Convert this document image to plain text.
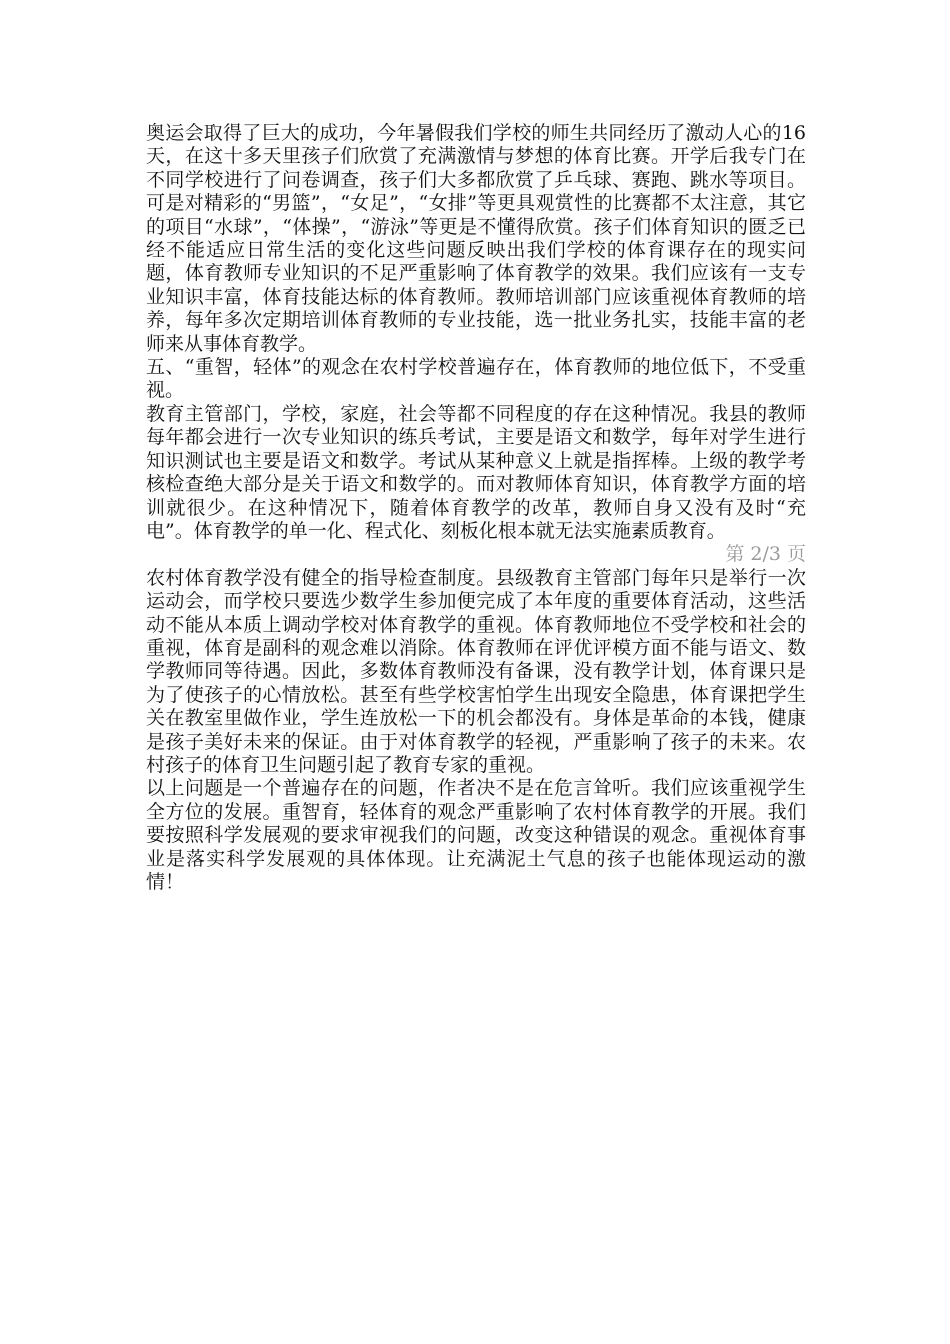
奥运会取得了巨大的成功，今年暑假我们学校的师生共同经历了激动人心的16天，在这十多天里孩子们欣赏了充满激情与梦想的体育比赛。开学后我专门在不同学校进行了问卷调查，孩子们大多都欣赏了乒乓球、赛跑、跳水等项目。可是对精彩的“男篮”，“女足”，“女排”等更具观赏性的比赛都不太注意，其它的项目“水球”，“体操”，“游泳”等更是不懂得欣赏。孩子们体育知识的匮乏已经不能适应日常生活的变化这些问题反映出我们学校的体育课存在的现实问题，体育教师专业知识的不足严重影响了体育教学的效果。我们应该有一支专业知识丰富，体育技能达标的体育教师。教师培训部门应该重视体育教师的培养，每年多次定期培训体育教师的专业技能，选一批业务扎实，技能丰富的老师来从事体育教学。

五、“重智，轻体”的观念在农村学校普遍存在，体育教师的地位低下，不受重视。

教育主管部门，学校，家庭，社会等都不同程度的存在这种情况。我县的教师每年都会进行一次专业知识的练兵考试，主要是语文和数学，每年对学生进行知识测试也主要是语文和数学。考试从某种意义上就是指挥棒。上级的教学考核检查绝大部分是关于语文和数学的。而对教师体育知识，体育教学方面的培训就很少。在这种情况下，随着体育教学的改革，教师自身又没有及时“充电”。体育教学的单一化、程式化、刻板化根本就无法实施素质教育。

第 2/3 页

农村体育教学没有健全的指导检查制度。县级教育主管部门每年只是举行一次运动会，而学校只要选少数学生参加便完成了本年度的重要体育活动，这些活动不能从本质上调动学校对体育教学的重视。体育教师地位不受学校和社会的重视，体育是副科的观念难以消除。体育教师在评优评模方面不能与语文、数学教师同等待遇。因此，多数体育教师没有备课，没有教学计划，体育课只是为了使孩子的心情放松。甚至有些学校害怕学生出现安全隐患，体育课把学生关在教室里做作业，学生连放松一下的机会都没有。身体是革命的本钱，健康是孩子美好未来的保证。由于对体育教学的轻视，严重影响了孩子的未来。农村孩子的体育卫生问题引起了教育专家的重视。

以上问题是一个普遍存在的问题，作者决不是在危言耸听。我们应该重视学生全方位的发展。重智育，轻体育的观念严重影响了农村体育教学的开展。我们要按照科学发展观的要求审视我们的问题，改变这种错误的观念。重视体育事业是落实科学发展观的具体体现。让充满泥土气息的孩子也能体现运动的激情！
